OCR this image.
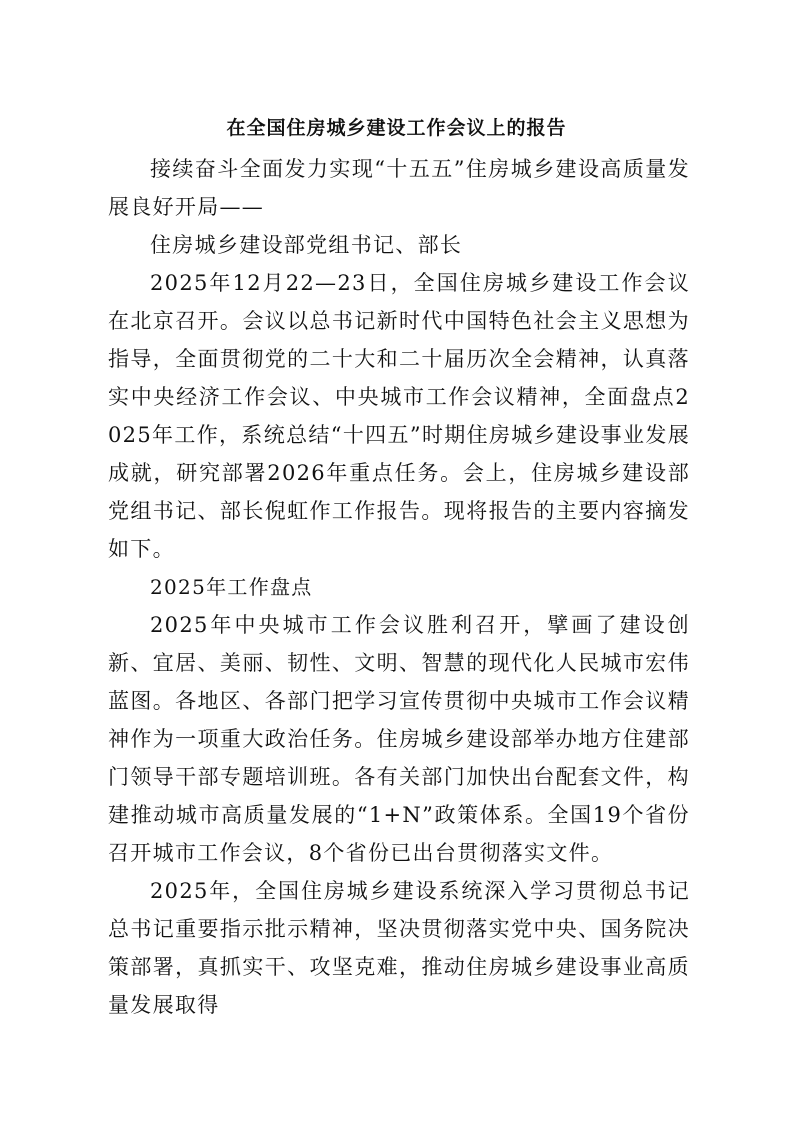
在全国住房城乡建设工作会议上的报告

接续奋斗全面发力实现“十五五”住房城乡建设高质量发展良好开局——

住房城乡建设部党组书记、部长

2025年12月22—23日，全国住房城乡建设工作会议在北京召开。会议以总书记新时代中国特色社会主义思想为指导，全面贯彻党的二十大和二十届历次全会精神，认真落实中央经济工作会议、中央城市工作会议精神，全面盘点2025年工作，系统总结“十四五”时期住房城乡建设事业发展成就，研究部署2026年重点任务。会上，住房城乡建设部党组书记、部长倪虹作工作报告。现将报告的主要内容摘发如下。

2025年工作盘点

2025年中央城市工作会议胜利召开，擘画了建设创新、宜居、美丽、韧性、文明、智慧的现代化人民城市宏伟蓝图。各地区、各部门把学习宣传贯彻中央城市工作会议精神作为一项重大政治任务。住房城乡建设部举办地方住建部门领导干部专题培训班。各有关部门加快出台配套文件，构建推动城市高质量发展的“1+N”政策体系。全国19个省份召开城市工作会议，8个省份已出台贯彻落实文件。

2025年，全国住房城乡建设系统深入学习贯彻总书记总书记重要指示批示精神，坚决贯彻落实党中央、国务院决策部署，真抓实干、攻坚克难，推动住房城乡建设事业高质量发展取得
